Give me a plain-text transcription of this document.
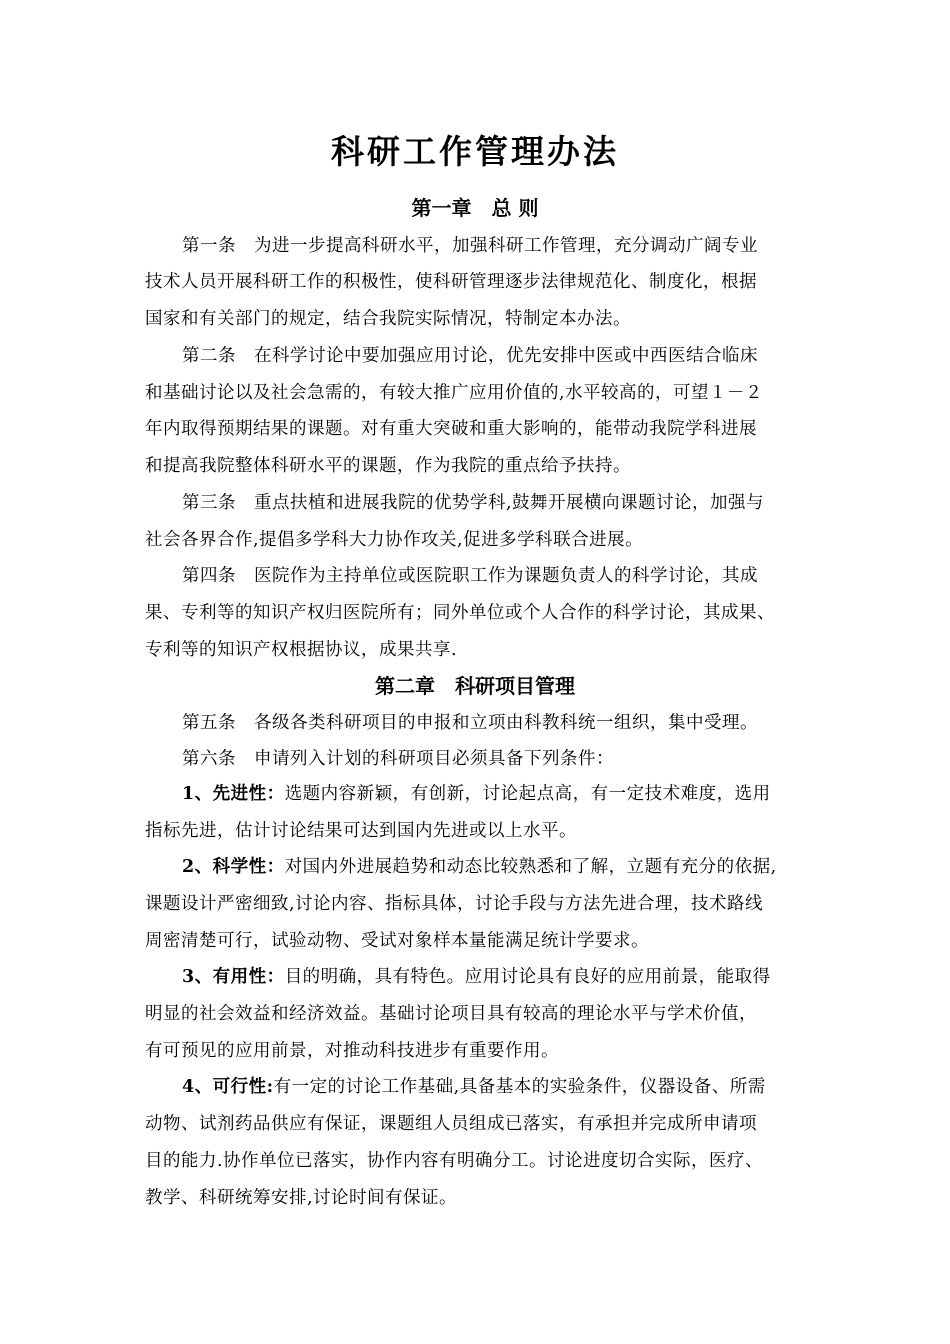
科研工作管理办法
第一章　总 则
第一条　为进一步提高科研水平，加强科研工作管理，充分调动广阔专业
技术人员开展科研工作的积极性，使科研管理逐步法律规范化、制度化，根据
国家和有关部门的规定，结合我院实际情况，特制定本办法。
第二条　在科学讨论中要加强应用讨论，优先安排中医或中西医结合临床
和基础讨论以及社会急需的，有较大推广应用价值的,水平较高的，可望１－２
年内取得预期结果的课题。对有重大突破和重大影响的，能带动我院学科进展
和提高我院整体科研水平的课题，作为我院的重点给予扶持。
第三条　重点扶植和进展我院的优势学科,鼓舞开展横向课题讨论，加强与
社会各界合作,提倡多学科大力协作攻关,促进多学科联合进展。
第四条　医院作为主持单位或医院职工作为课题负责人的科学讨论，其成
果、专利等的知识产权归医院所有；同外单位或个人合作的科学讨论，其成果、
专利等的知识产权根据协议，成果共享.
第二章　科研项目管理
第五条　各级各类科研项目的申报和立项由科教科统一组织，集中受理。
第六条　申请列入计划的科研项目必须具备下列条件：
1、先进性：选题内容新颖，有创新，讨论起点高，有一定技术难度，选用
指标先进，估计讨论结果可达到国内先进或以上水平。
2、科学性：对国内外进展趋势和动态比较熟悉和了解，立题有充分的依据,
课题设计严密细致,讨论内容、指标具体，讨论手段与方法先进合理，技术路线
周密清楚可行，试验动物、受试对象样本量能满足统计学要求。
3、有用性：目的明确，具有特色。应用讨论具有良好的应用前景，能取得
明显的社会效益和经济效益。基础讨论项目具有较高的理论水平与学术价值，
有可预见的应用前景，对推动科技进步有重要作用。
4、可行性:有一定的讨论工作基础,具备基本的实验条件，仪器设备、所需
动物、试剂药品供应有保证，课题组人员组成已落实，有承担并完成所申请项
目的能力.协作单位已落实，协作内容有明确分工。讨论进度切合实际，医疗、
教学、科研统筹安排,讨论时间有保证。
